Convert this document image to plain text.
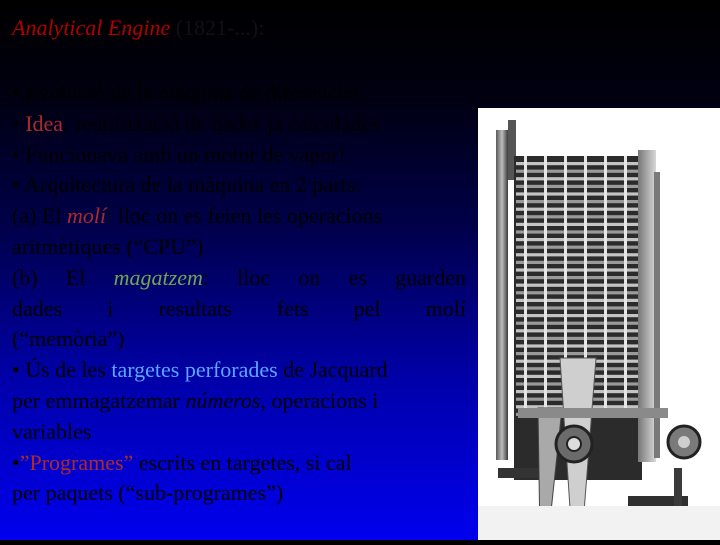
Analytical Engine (1821-...):
• Evolució de la màquina de diferències
• Idea: reutilització de dades ja calculades
• Funcionava amb un motor de vapor!
• Arquitectura de la màquina en 2 parts:
(a) El molí: lloc on es feien les operacions
aritmètiques (“CPU”)
(b) El magatzem: lloc on es guarden
dades i resultats fets pel molí
(“memòria”)
• Ús de les targetes perforades de Jacquard
per emmagatzemar números, operacions i
variables
•”Programes” escrits en targetes, si cal
per paquets (“sub-programes”)
